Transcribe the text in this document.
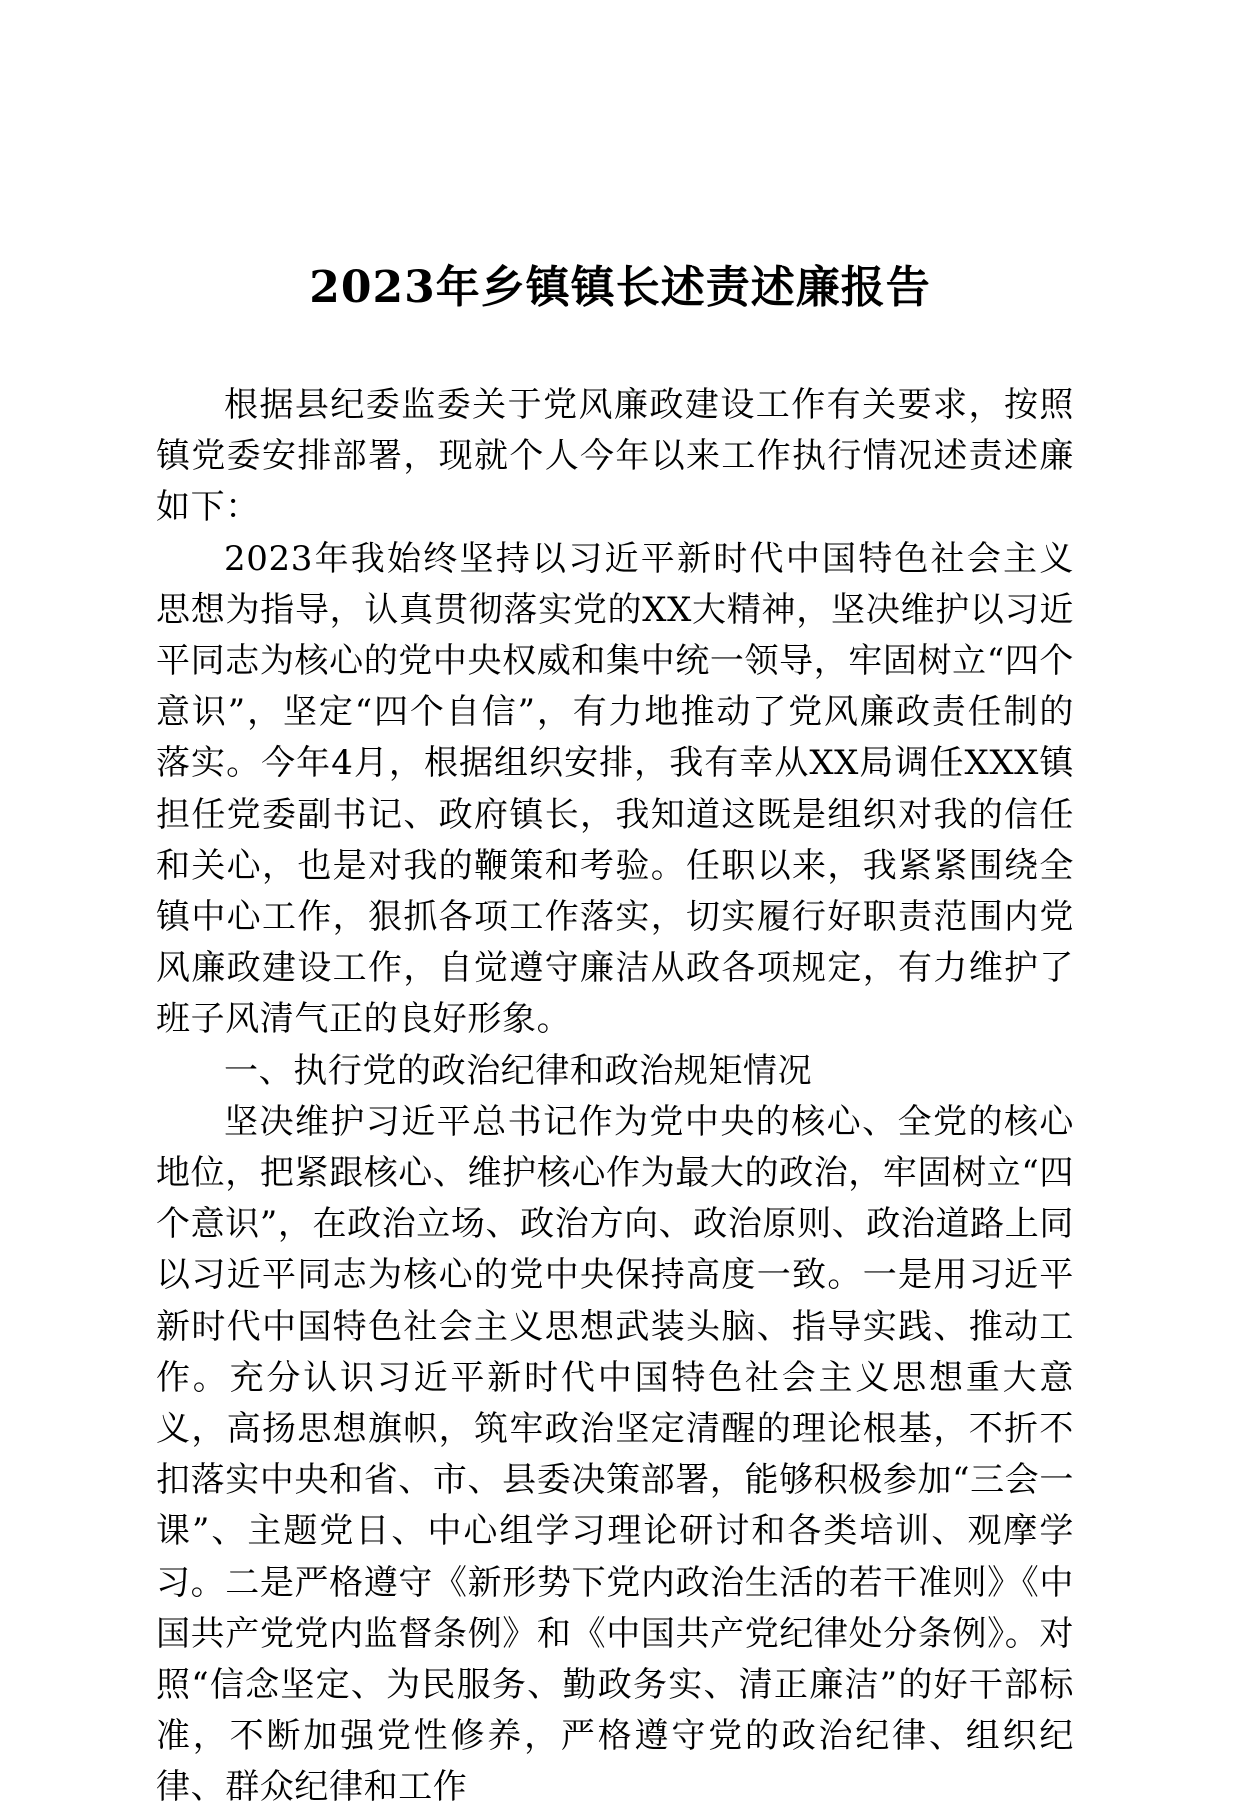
2023年乡镇镇长述责述廉报告

根据县纪委监委关于党风廉政建设工作有关要求，按照镇党委安排部署，现就个人今年以来工作执行情况述责述廉如下：

2023年我始终坚持以习近平新时代中国特色社会主义思想为指导，认真贯彻落实党的XX大精神，坚决维护以习近平同志为核心的党中央权威和集中统一领导，牢固树立“四个意识”，坚定“四个自信”，有力地推动了党风廉政责任制的落实。今年4月，根据组织安排，我有幸从XX局调任XXX镇担任党委副书记、政府镇长，我知道这既是组织对我的信任和关心，也是对我的鞭策和考验。任职以来，我紧紧围绕全镇中心工作，狠抓各项工作落实，切实履行好职责范围内党风廉政建设工作，自觉遵守廉洁从政各项规定，有力维护了班子风清气正的良好形象。

一、执行党的政治纪律和政治规矩情况

坚决维护习近平总书记作为党中央的核心、全党的核心地位，把紧跟核心、维护核心作为最大的政治，牢固树立“四个意识”，在政治立场、政治方向、政治原则、政治道路上同以习近平同志为核心的党中央保持高度一致。一是用习近平新时代中国特色社会主义思想武装头脑、指导实践、推动工作。充分认识习近平新时代中国特色社会主义思想重大意义，高扬思想旗帜，筑牢政治坚定清醒的理论根基，不折不扣落实中央和省、市、县委决策部署，能够积极参加“三会一课”、主题党日、中心组学习理论研讨和各类培训、观摩学习。二是严格遵守《新形势下党内政治生活的若干准则》《中国共产党党内监督条例》和《中国共产党纪律处分条例》。对照“信念坚定、为民服务、勤政务实、清正廉洁”的好干部标准，不断加强党性修养，严格遵守党的政治纪律、组织纪律、群众纪律和工作
